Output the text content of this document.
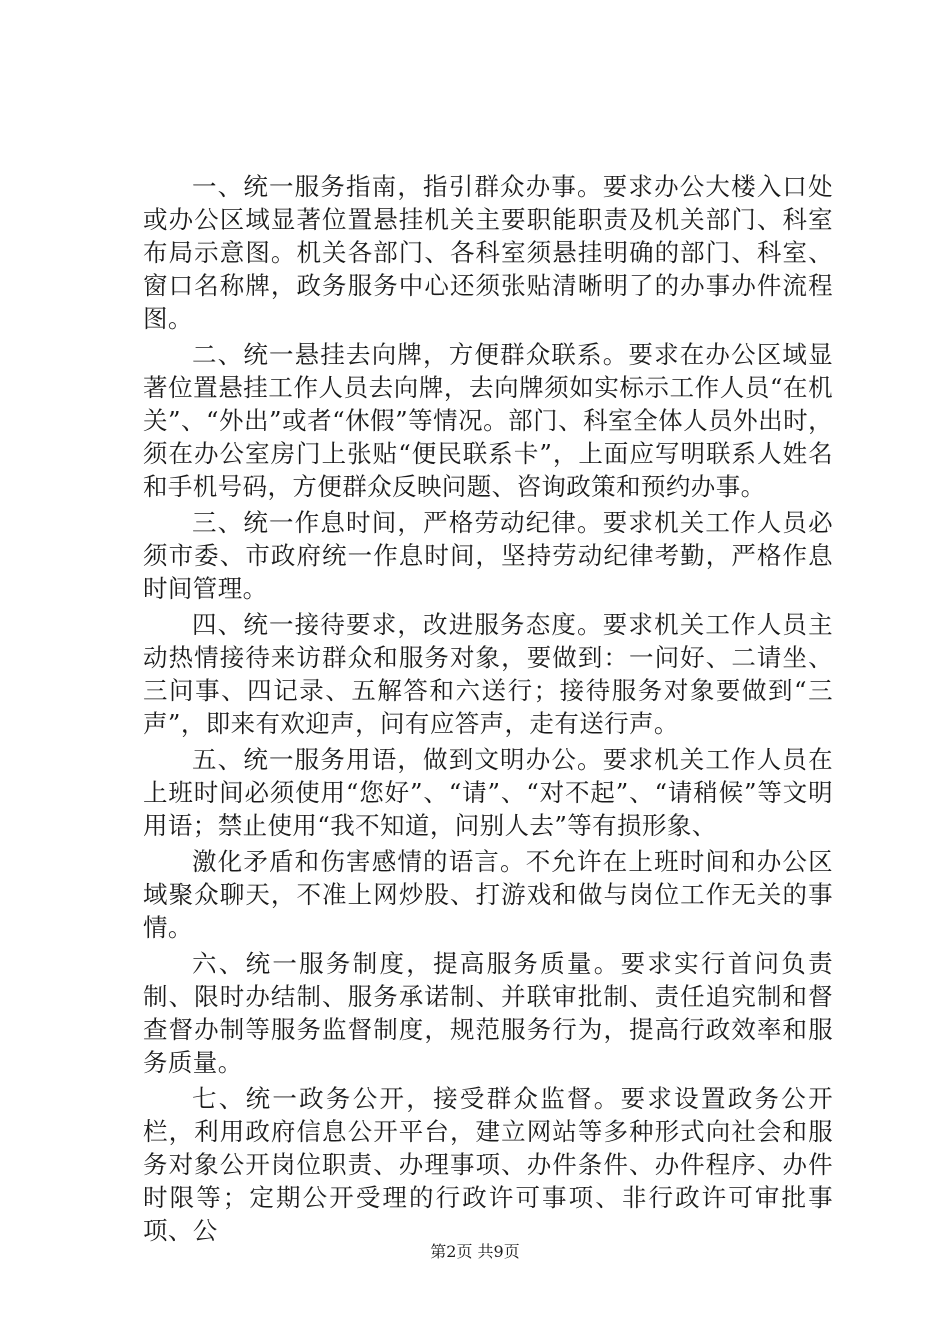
一、统一服务指南，指引群众办事。要求办公大楼入口处或办公区域显著位置悬挂机关主要职能职责及机关部门、科室布局示意图。机关各部门、各科室须悬挂明确的部门、科室、窗口名称牌，政务服务中心还须张贴清晰明了的办事办件流程图。

二、统一悬挂去向牌，方便群众联系。要求在办公区域显著位置悬挂工作人员去向牌，去向牌须如实标示工作人员“在机关”、“外出”或者“休假”等情况。部门、科室全体人员外出时，须在办公室房门上张贴“便民联系卡”，上面应写明联系人姓名和手机号码，方便群众反映问题、咨询政策和预约办事。

三、统一作息时间，严格劳动纪律。要求机关工作人员必须市委、市政府统一作息时间，坚持劳动纪律考勤，严格作息时间管理。

四、统一接待要求，改进服务态度。要求机关工作人员主动热情接待来访群众和服务对象，要做到：一问好、二请坐、三问事、四记录、五解答和六送行；接待服务对象要做到“三声”，即来有欢迎声，问有应答声，走有送行声。

五、统一服务用语，做到文明办公。要求机关工作人员在上班时间必须使用“您好”、“请”、“对不起”、“请稍候”等文明用语；禁止使用“我不知道，问别人去”等有损形象、

激化矛盾和伤害感情的语言。不允许在上班时间和办公区域聚众聊天，不准上网炒股、打游戏和做与岗位工作无关的事情。

六、统一服务制度，提高服务质量。要求实行首问负责制、限时办结制、服务承诺制、并联审批制、责任追究制和督查督办制等服务监督制度，规范服务行为，提高行政效率和服务质量。

七、统一政务公开，接受群众监督。要求设置政务公开栏，利用政府信息公开平台，建立网站等多种形式向社会和服务对象公开岗位职责、办理事项、办件条件、办件程序、办件时限等；定期公开受理的行政许可事项、非行政许可审批事项、公

第2页 共9页
